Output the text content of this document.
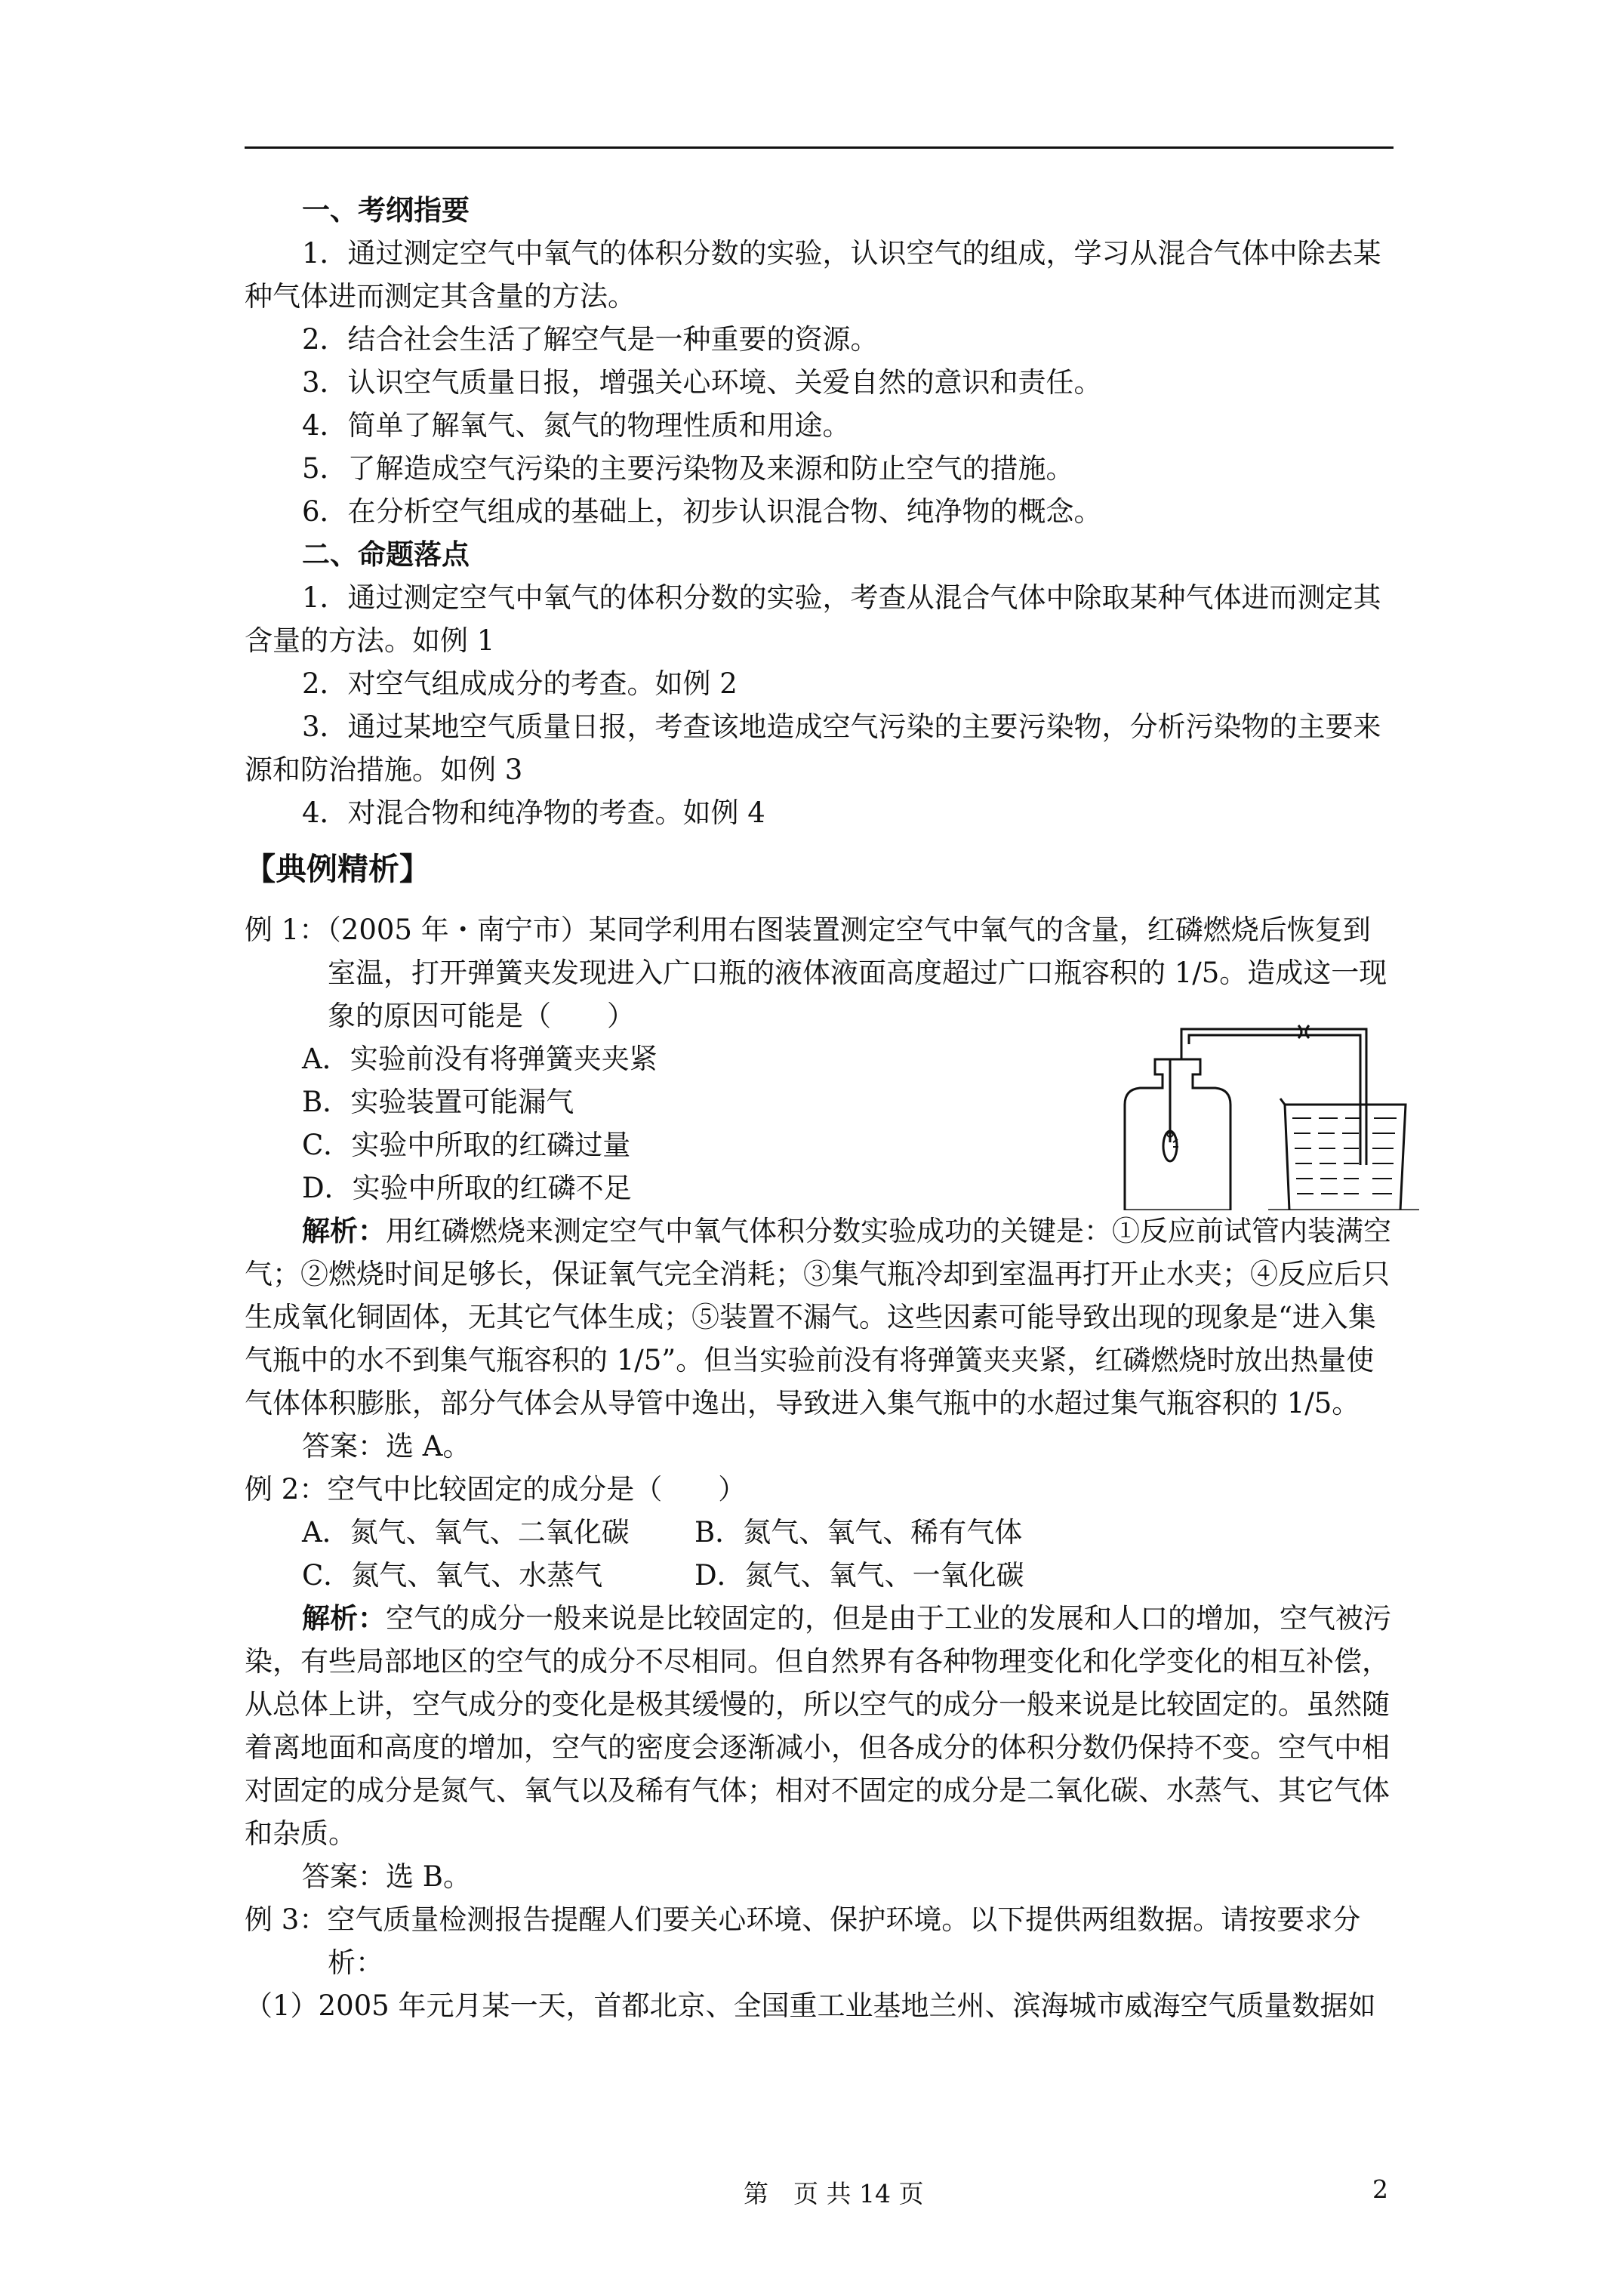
一、考纲指要

1．通过测定空气中氧气的体积分数的实验，认识空气的组成，学习从混合气体中除去某种气体进而测定其含量的方法。

2．结合社会生活了解空气是一种重要的资源。

3．认识空气质量日报，增强关心环境、关爱自然的意识和责任。

4．简单了解氧气、氮气的物理性质和用途。

5．了解造成空气污染的主要污染物及来源和防止空气的措施。

6．在分析空气组成的基础上，初步认识混合物、纯净物的概念。

二、命题落点

1．通过测定空气中氧气的体积分数的实验，考查从混合气体中除取某种气体进而测定其含量的方法。如例 1

2．对空气组成成分的考查。如例 2

3．通过某地空气质量日报，考查该地造成空气污染的主要污染物，分析污染物的主要来源和防治措施。如例 3

4．对混合物和纯净物的考查。如例 4

【典例精析】

例 1：（2005 年・南宁市）某同学利用右图装置测定空气中氧气的含量，红磷燃烧后恢复到室温，打开弹簧夹发现进入广口瓶的液体液面高度超过广口瓶容积的 1/5。造成这一现象的原因可能是（　　）

A．实验前没有将弹簧夹夹紧

B．实验装置可能漏气

C．实验中所取的红磷过量

D．实验中所取的红磷不足

解析：用红磷燃烧来测定空气中氧气体积分数实验成功的关键是：①反应前试管内装满空气；②燃烧时间足够长，保证氧气完全消耗；③集气瓶冷却到室温再打开止水夹；④反应后只生成氧化铜固体，无其它气体生成；⑤装置不漏气。这些因素可能导致出现的现象是“进入集气瓶中的水不到集气瓶容积的 1/5”。但当实验前没有将弹簧夹夹紧，红磷燃烧时放出热量使气体体积膨胀，部分气体会从导管中逸出，导致进入集气瓶中的水超过集气瓶容积的 1/5。

答案：选 A。

例 2：空气中比较固定的成分是（　　）

A．氮气、氧气、二氧化碳	B．氮气、氧气、稀有气体

C．氮气、氧气、水蒸气	D．氮气、氧气、一氧化碳

解析：空气的成分一般来说是比较固定的，但是由于工业的发展和人口的增加，空气被污染，有些局部地区的空气的成分不尽相同。但自然界有各种物理变化和化学变化的相互补偿，从总体上讲，空气成分的变化是极其缓慢的，所以空气的成分一般来说是比较固定的。虽然随着离地面和高度的增加，空气的密度会逐渐减小，但各成分的体积分数仍保持不变。空气中相对固定的成分是氮气、氧气以及稀有气体；相对不固定的成分是二氧化碳、水蒸气、其它气体和杂质。

答案：选 B。

例 3：空气质量检测报告提醒人们要关心环境、保护环境。以下提供两组数据。请按要求分析：

（1）2005 年元月某一天，首都北京、全国重工业基地兰州、滨海城市威海空气质量数据如

第　页 共 14 页	2
